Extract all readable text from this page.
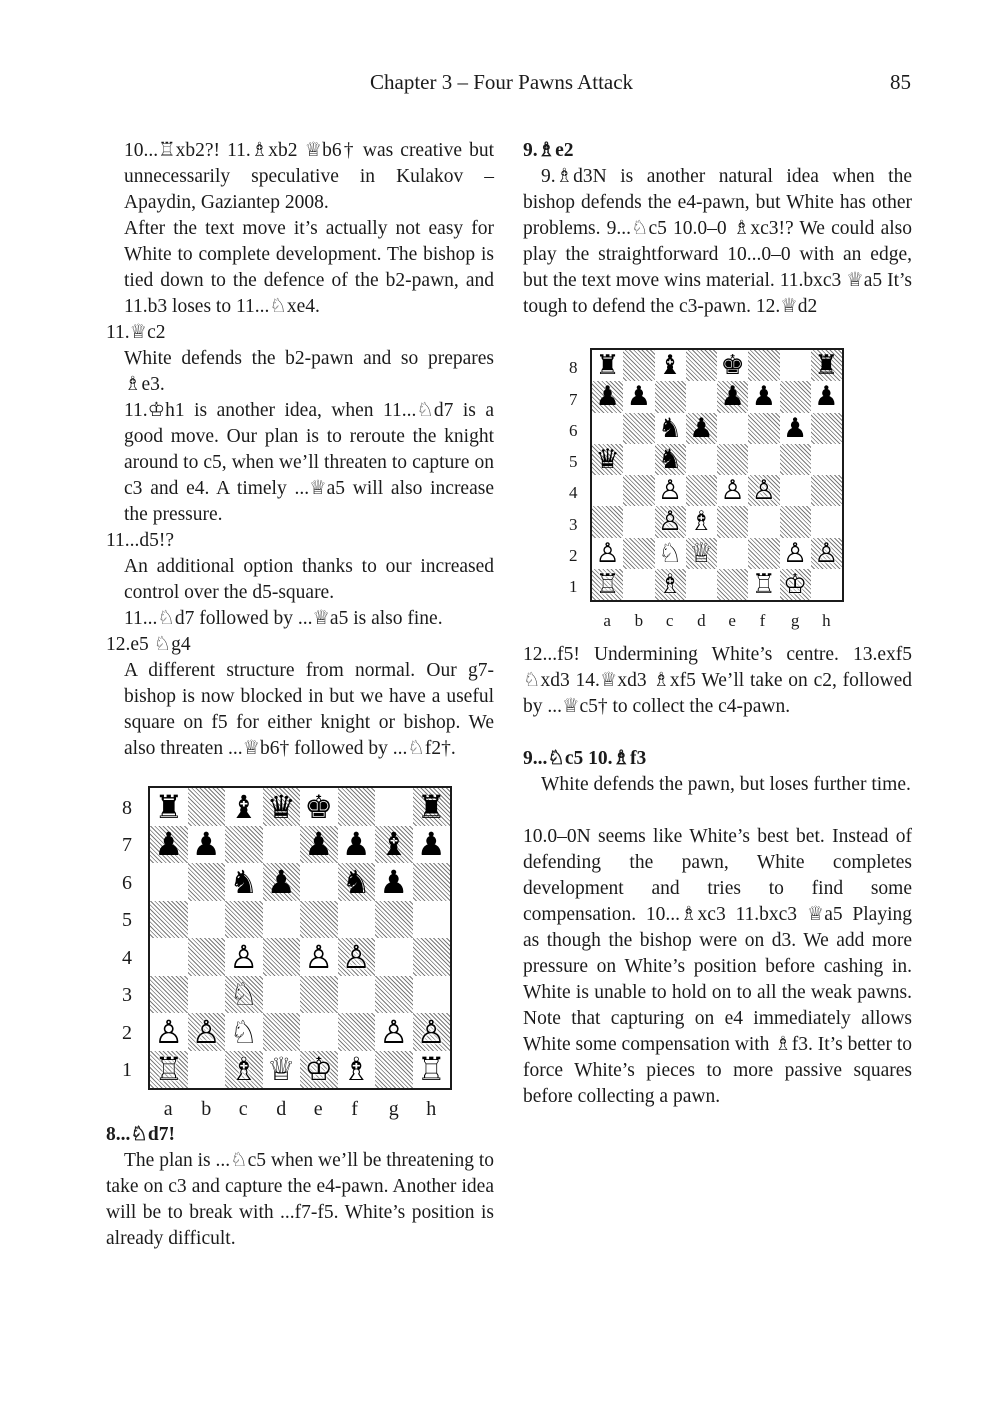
Chapter 3 – Four Pawns Attack	85

10...♖xb2?! 11.♗xb2 ♕b6† was creative but unnecessarily speculative in Kulakov – Apaydin, Gaziantep 2008.

After the text move it’s actually not easy for White to complete development. The bishop is tied down to the defence of the b2-pawn, and 11.b3 loses to 11...♘xe4.

11.♕c2

White defends the b2-pawn and so prepares ♗e3.

11.♔h1 is another idea, when 11...♘d7 is a good move. Our plan is to reroute the knight around to c5, when we’ll threaten to capture on c3 and e4. A timely ...♕a5 will also increase the pressure.

11...d5!?

An additional option thanks to our increased control over the d5-square.

11...♘d7 followed by ...♕a5 is also fine.

12.e5 ♘g4

A different structure from normal. Our g7-bishop is now blocked in but we have a useful square on f5 for either knight or bishop. We also threaten ...♕b6† followed by ...♘f2†.

♜ ♝ ♛ ♚	♜
♟ ♟	♟ ♟ ♝ ♟
♞ ♟ ♞ ♟
♙ ♙ ♙
♘
♙ ♙ ♘	♙ ♙
♖ ♗ ♕ ♔ ♗ ♖
8
7
6
5
4
3
2
1
a b c d e f g h

8...♘d7!

The plan is ...♘c5 when we’ll be threatening to take on c3 and capture the e4-pawn. Another idea will be to break with ...f7-f5. White’s position is already difficult.

9.♗e2

9.♗d3N is another natural idea when the bishop defends the e4-pawn, but White has other problems. 9...♘c5 10.0–0 ♗xc3!? We could also play the straightforward 10...0–0 with an edge, but the text move wins material. 11.bxc3 ♕a5 It’s tough to defend the c3-pawn. 12.♕d2

♜ ♝ ♚	♜
♟ ♟	♟ ♟ ♟
♞ ♟	♟
♛ ♞
♙ ♙ ♙
♙ ♗
♙ ♘ ♕	♙ ♙
♖ ♗	♖ ♔
8
7
6
5
4
3
2
1
a b c d e f g h

12...f5! Undermining White’s centre. 13.exf5 ♘xd3 14.♕xd3 ♗xf5 We’ll take on c2, followed by ...♕c5† to collect the c4-pawn.

9...♘c5 10.♗f3

White defends the pawn, but loses further time.

10.0–0N seems like White’s best bet. Instead of defending the pawn, White completes development and tries to find some compensation. 10...♗xc3 11.bxc3 ♕a5 Playing as though the bishop were on d3. We add more pressure on White’s position before cashing in. White is unable to hold on to all the weak pawns. Note that capturing on e4 immediately allows White some compensation with ♗f3. It’s better to force White’s pieces to more passive squares before collecting a pawn.
